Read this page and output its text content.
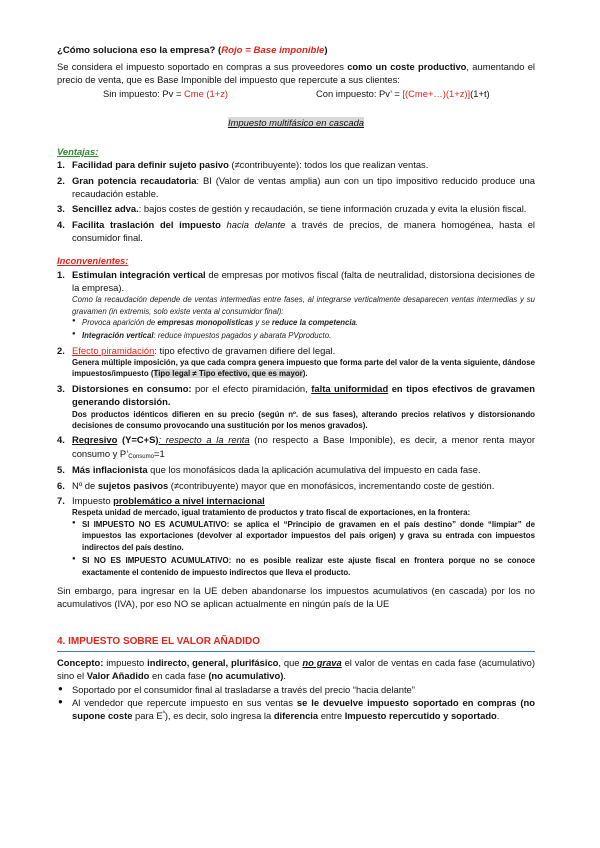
¿Cómo soluciona eso la empresa? (Rojo = Base imponible)

Se considera el impuesto soportado en compras a sus proveedores como un coste productivo, aumentando el precio de venta, que es Base Imponible del impuesto que repercute a sus clientes:

Sin impuesto: Pv = Cme (1+z)	Con impuesto: Pv’ = [(Cme+…)(1+z)](1+t)

Impuesto multifásico en cascada

Ventajas:

1. Facilidad para definir sujeto pasivo (≠contribuyente): todos los que realizan ventas.
2. Gran potencia recaudatoria: BI (Valor de ventas amplia) aun con un tipo impositivo reducido produce una recaudación estable.
3. Sencillez adva.: bajos costes de gestión y recaudación, se tiene información cruzada y evita la elusión fiscal.
4. Facilita traslación del impuesto hacia delante a través de precios, de manera homogénea, hasta el consumidor final.

Inconvenientes:

1. Estimulan integración vertical de empresas por motivos fiscal (falta de neutralidad, distorsiona decisiones de la empresa).
Como la recaudación depende de ventas intermedias entre fases, al integrarse verticalmente desaparecen ventas intermedias y su gravamen (in extremis, solo existe venta al consumidor final):
● Provoca aparición de empresas monopolísticas y se reduce la competencia.
● Integración vertical: reduce impuestos pagados y abarata PVproducto.
2. Efecto piramidación: tipo efectivo de gravamen difiere del legal.
Genera múltiple imposición, ya que cada compra genera impuesto que forma parte del valor de la venta siguiente, dándose impuestos/impuesto (Tipo legal ≠ Tipo efectivo, que es mayor).
3. Distorsiones en consumo: por el efecto piramidación, falta uniformidad en tipos efectivos de gravamen generando distorsión.
Dos productos idénticos difieren en su precio (según nº. de sus fases), alterando precios relativos y distorsionando decisiones de consumo provocando una sustitución por los menos gravados).
4. Regresivo (Y=C+S): respecto a la renta (no respecto a Base Imponible), es decir, a menor renta mayor consumo y P’Consumo=1
5. Más inflacionista que los monofásicos dada la aplicación acumulativa del impuesto en cada fase.
6. Nº de sujetos pasivos (≠contribuyente) mayor que en monofásicos, incrementando coste de gestión.
7. Impuesto problemático a nivel internacional
Respeta unidad de mercado, igual tratamiento de productos y trato fiscal de exportaciones, en la frontera:
● SI IMPUESTO NO ES ACUMULATIVO: se aplica el “Principio de gravamen en el país destino” donde “limpiar” de impuestos las exportaciones (devolver al exportador impuestos del país origen) y grava su entrada con impuestos indirectos del país destino.
● SI NO ES IMPUESTO ACUMULATIVO: no es posible realizar este ajuste fiscal en frontera porque no se conoce exactamente el contenido de impuesto indirectos que lleva el producto.

Sin embargo, para ingresar en la UE deben abandonarse los impuestos acumulativos (en cascada) por los no acumulativos (IVA), por eso NO se aplican actualmente en ningún país de la UE

4. IMPUESTO SOBRE EL VALOR AÑADIDO

Concepto: impuesto indirecto, general, plurifásico, que no grava el valor de ventas en cada fase (acumulativo) sino el Valor Añadido en cada fase (no acumulativo).

● Soportado por el consumidor final al trasladarse a través del precio “hacia delante”
● Al vendedor que repercute impuesto en sus ventas se le devuelve impuesto soportado en compras (no supone coste para $E^ª$), es decir, solo ingresa la diferencia entre Impuesto repercutido y soportado.
